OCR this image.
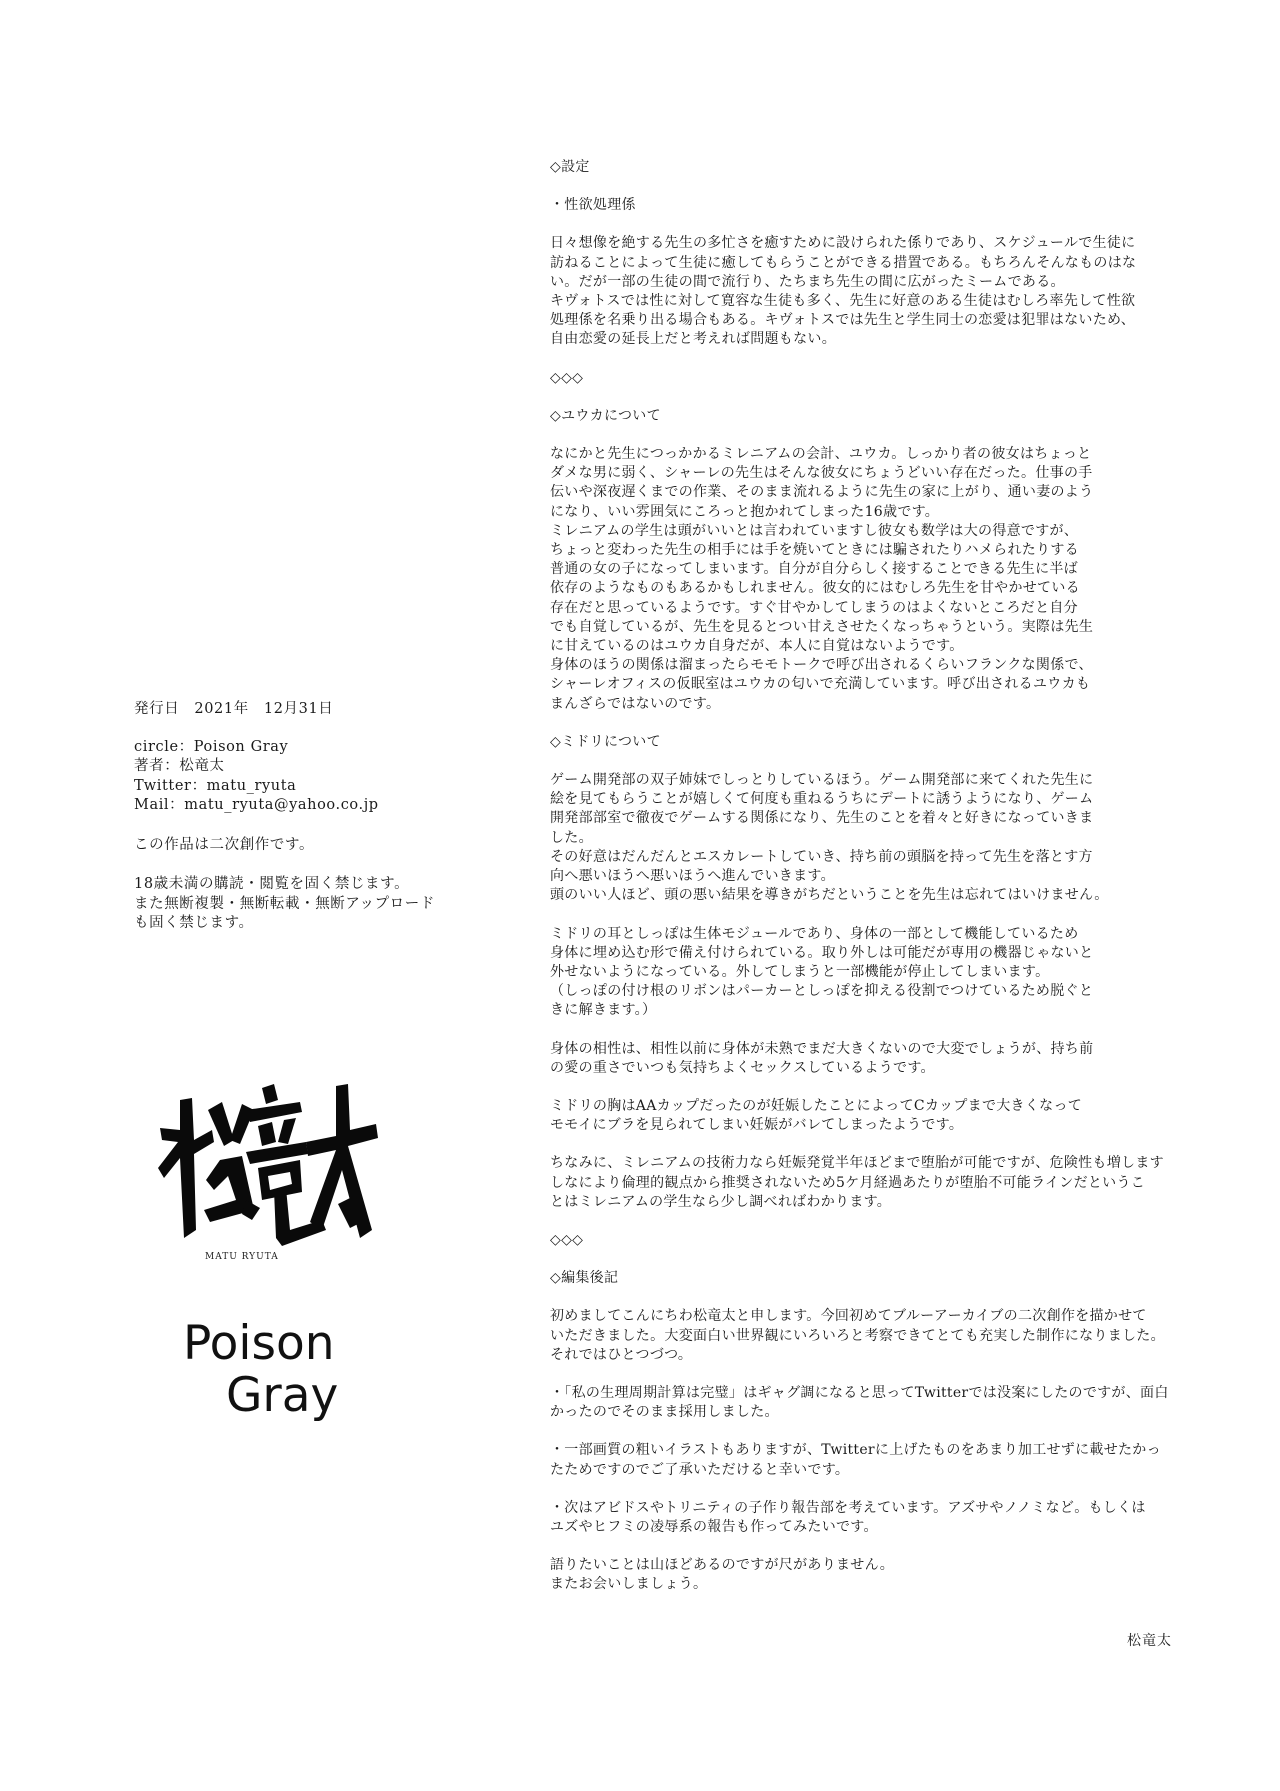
発行日　2021年　12月31日

circle：Poison Gray

著者：松竜太

Twitter：matu_ryuta

Mail：matu_ryuta@yahoo.co.jp

この作品は二次創作です。

18歳未満の購読・閲覧を固く禁じます。
また無断複製・無断転載・無断アップロード
も固く禁じます。

MATU RYUTA
Poison
Gray

◇設定

・性欲処理係

日々想像を絶する先生の多忙さを癒すために設けられた係りであり、スケジュールで生徒に
訪ねることによって生徒に癒してもらうことができる措置である。もちろんそんなものはな
い。だが一部の生徒の間で流行り、たちまち先生の間に広がったミームである。
キヴォトスでは性に対して寛容な生徒も多く、先生に好意のある生徒はむしろ率先して性欲
処理係を名乗り出る場合もある。キヴォトスでは先生と学生同士の恋愛は犯罪はないため、
自由恋愛の延長上だと考えれば問題もない。

◇◇◇

◇ユウカについて

なにかと先生につっかかるミレニアムの会計、ユウカ。しっかり者の彼女はちょっと
ダメな男に弱く、シャーレの先生はそんな彼女にちょうどいい存在だった。仕事の手
伝いや深夜遅くまでの作業、そのまま流れるように先生の家に上がり、通い妻のよう
になり、いい雰囲気にころっと抱かれてしまった16歳です。
ミレニアムの学生は頭がいいとは言われていますし彼女も数学は大の得意ですが、
ちょっと変わった先生の相手には手を焼いてときには騙されたりハメられたりする
普通の女の子になってしまいます。自分が自分らしく接することできる先生に半ば
依存のようなものもあるかもしれません。彼女的にはむしろ先生を甘やかせている
存在だと思っているようです。すぐ甘やかしてしまうのはよくないところだと自分
でも自覚しているが、先生を見るとつい甘えさせたくなっちゃうという。実際は先生
に甘えているのはユウカ自身だが、本人に自覚はないようです。
身体のほうの関係は溜まったらモモトークで呼び出されるくらいフランクな関係で、
シャーレオフィスの仮眠室はユウカの匂いで充満しています。呼び出されるユウカも
まんざらではないのです。

◇ミドリについて

ゲーム開発部の双子姉妹でしっとりしているほう。ゲーム開発部に来てくれた先生に
絵を見てもらうことが嬉しくて何度も重ねるうちにデートに誘うようになり、ゲーム
開発部部室で徹夜でゲームする関係になり、先生のことを着々と好きになっていきま
した。
その好意はだんだんとエスカレートしていき、持ち前の頭脳を持って先生を落とす方
向へ悪いほうへ悪いほうへ進んでいきます。
頭のいい人ほど、頭の悪い結果を導きがちだということを先生は忘れてはいけません。

ミドリの耳としっぽは生体モジュールであり、身体の一部として機能しているため
身体に埋め込む形で備え付けられている。取り外しは可能だが専用の機器じゃないと
外せないようになっている。外してしまうと一部機能が停止してしまいます。
（しっぽの付け根のリボンはパーカーとしっぽを抑える役割でつけているため脱ぐと
きに解きます。）

身体の相性は、相性以前に身体が未熟でまだ大きくないので大変でしょうが、持ち前
の愛の重さでいつも気持ちよくセックスしているようです。

ミドリの胸はAAカップだったのが妊娠したことによってCカップまで大きくなって
モモイにブラを見られてしまい妊娠がバレてしまったようです。

ちなみに、ミレニアムの技術力なら妊娠発覚半年ほどまで堕胎が可能ですが、危険性も増します
しなにより倫理的観点から推奨されないため5ケ月経過あたりが堕胎不可能ラインだというこ
とはミレニアムの学生なら少し調べればわかります。

◇◇◇

◇編集後記

初めましてこんにちわ松竜太と申します。今回初めてブルーアーカイブの二次創作を描かせて
いただきました。大変面白い世界観にいろいろと考察できてとても充実した制作になりました。
それではひとつづつ。

・「私の生理周期計算は完璧」はギャグ調になると思ってTwitterでは没案にしたのですが、面白
かったのでそのまま採用しました。

・一部画質の粗いイラストもありますが、Twitterに上げたものをあまり加工せずに載せたかっ
たためですのでご了承いただけると幸いです。

・次はアビドスやトリニティの子作り報告部を考えています。アズサやノノミなど。もしくは
ユズやヒフミの凌辱系の報告も作ってみたいです。

語りたいことは山ほどあるのですが尺がありません。
またお会いしましょう。

松竜太
